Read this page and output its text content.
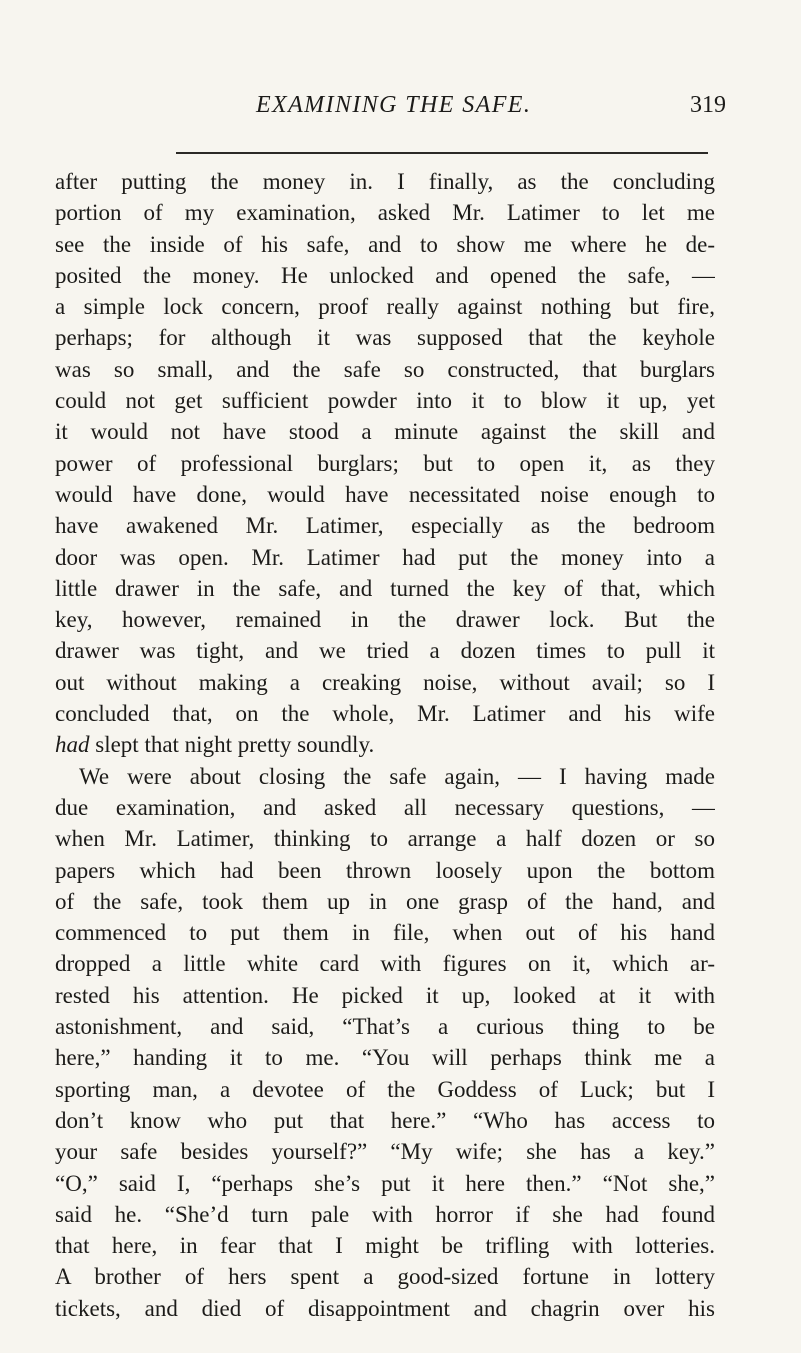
EXAMINING THE SAFE.	319
after putting the money in. I finally, as the concluding
portion of my examination, asked Mr. Latimer to let me
see the inside of his safe, and to show me where he de-
posited the money. He unlocked and opened the safe, —
a simple lock concern, proof really against nothing but fire,
perhaps; for although it was supposed that the keyhole
was so small, and the safe so constructed, that burglars
could not get sufficient powder into it to blow it up, yet
it would not have stood a minute against the skill and
power of professional burglars; but to open it, as they
would have done, would have necessitated noise enough to
have awakened Mr. Latimer, especially as the bedroom
door was open. Mr. Latimer had put the money into a
little drawer in the safe, and turned the key of that, which
key, however, remained in the drawer lock. But the
drawer was tight, and we tried a dozen times to pull it
out without making a creaking noise, without avail; so I
concluded that, on the whole, Mr. Latimer and his wife
had slept that night pretty soundly.
We were about closing the safe again, — I having made
due examination, and asked all necessary questions, —
when Mr. Latimer, thinking to arrange a half dozen or so
papers which had been thrown loosely upon the bottom
of the safe, took them up in one grasp of the hand, and
commenced to put them in file, when out of his hand
dropped a little white card with figures on it, which ar-
rested his attention. He picked it up, looked at it with
astonishment, and said, “That’s a curious thing to be
here,” handing it to me. “You will perhaps think me a
sporting man, a devotee of the Goddess of Luck; but I
don’t know who put that here.” “Who has access to
your safe besides yourself?” “My wife; she has a key.”
“O,” said I, “perhaps she’s put it here then.” “Not she,”
said he. “She’d turn pale with horror if she had found
that here, in fear that I might be trifling with lotteries.
A brother of hers spent a good-sized fortune in lottery
tickets, and died of disappointment and chagrin over his
